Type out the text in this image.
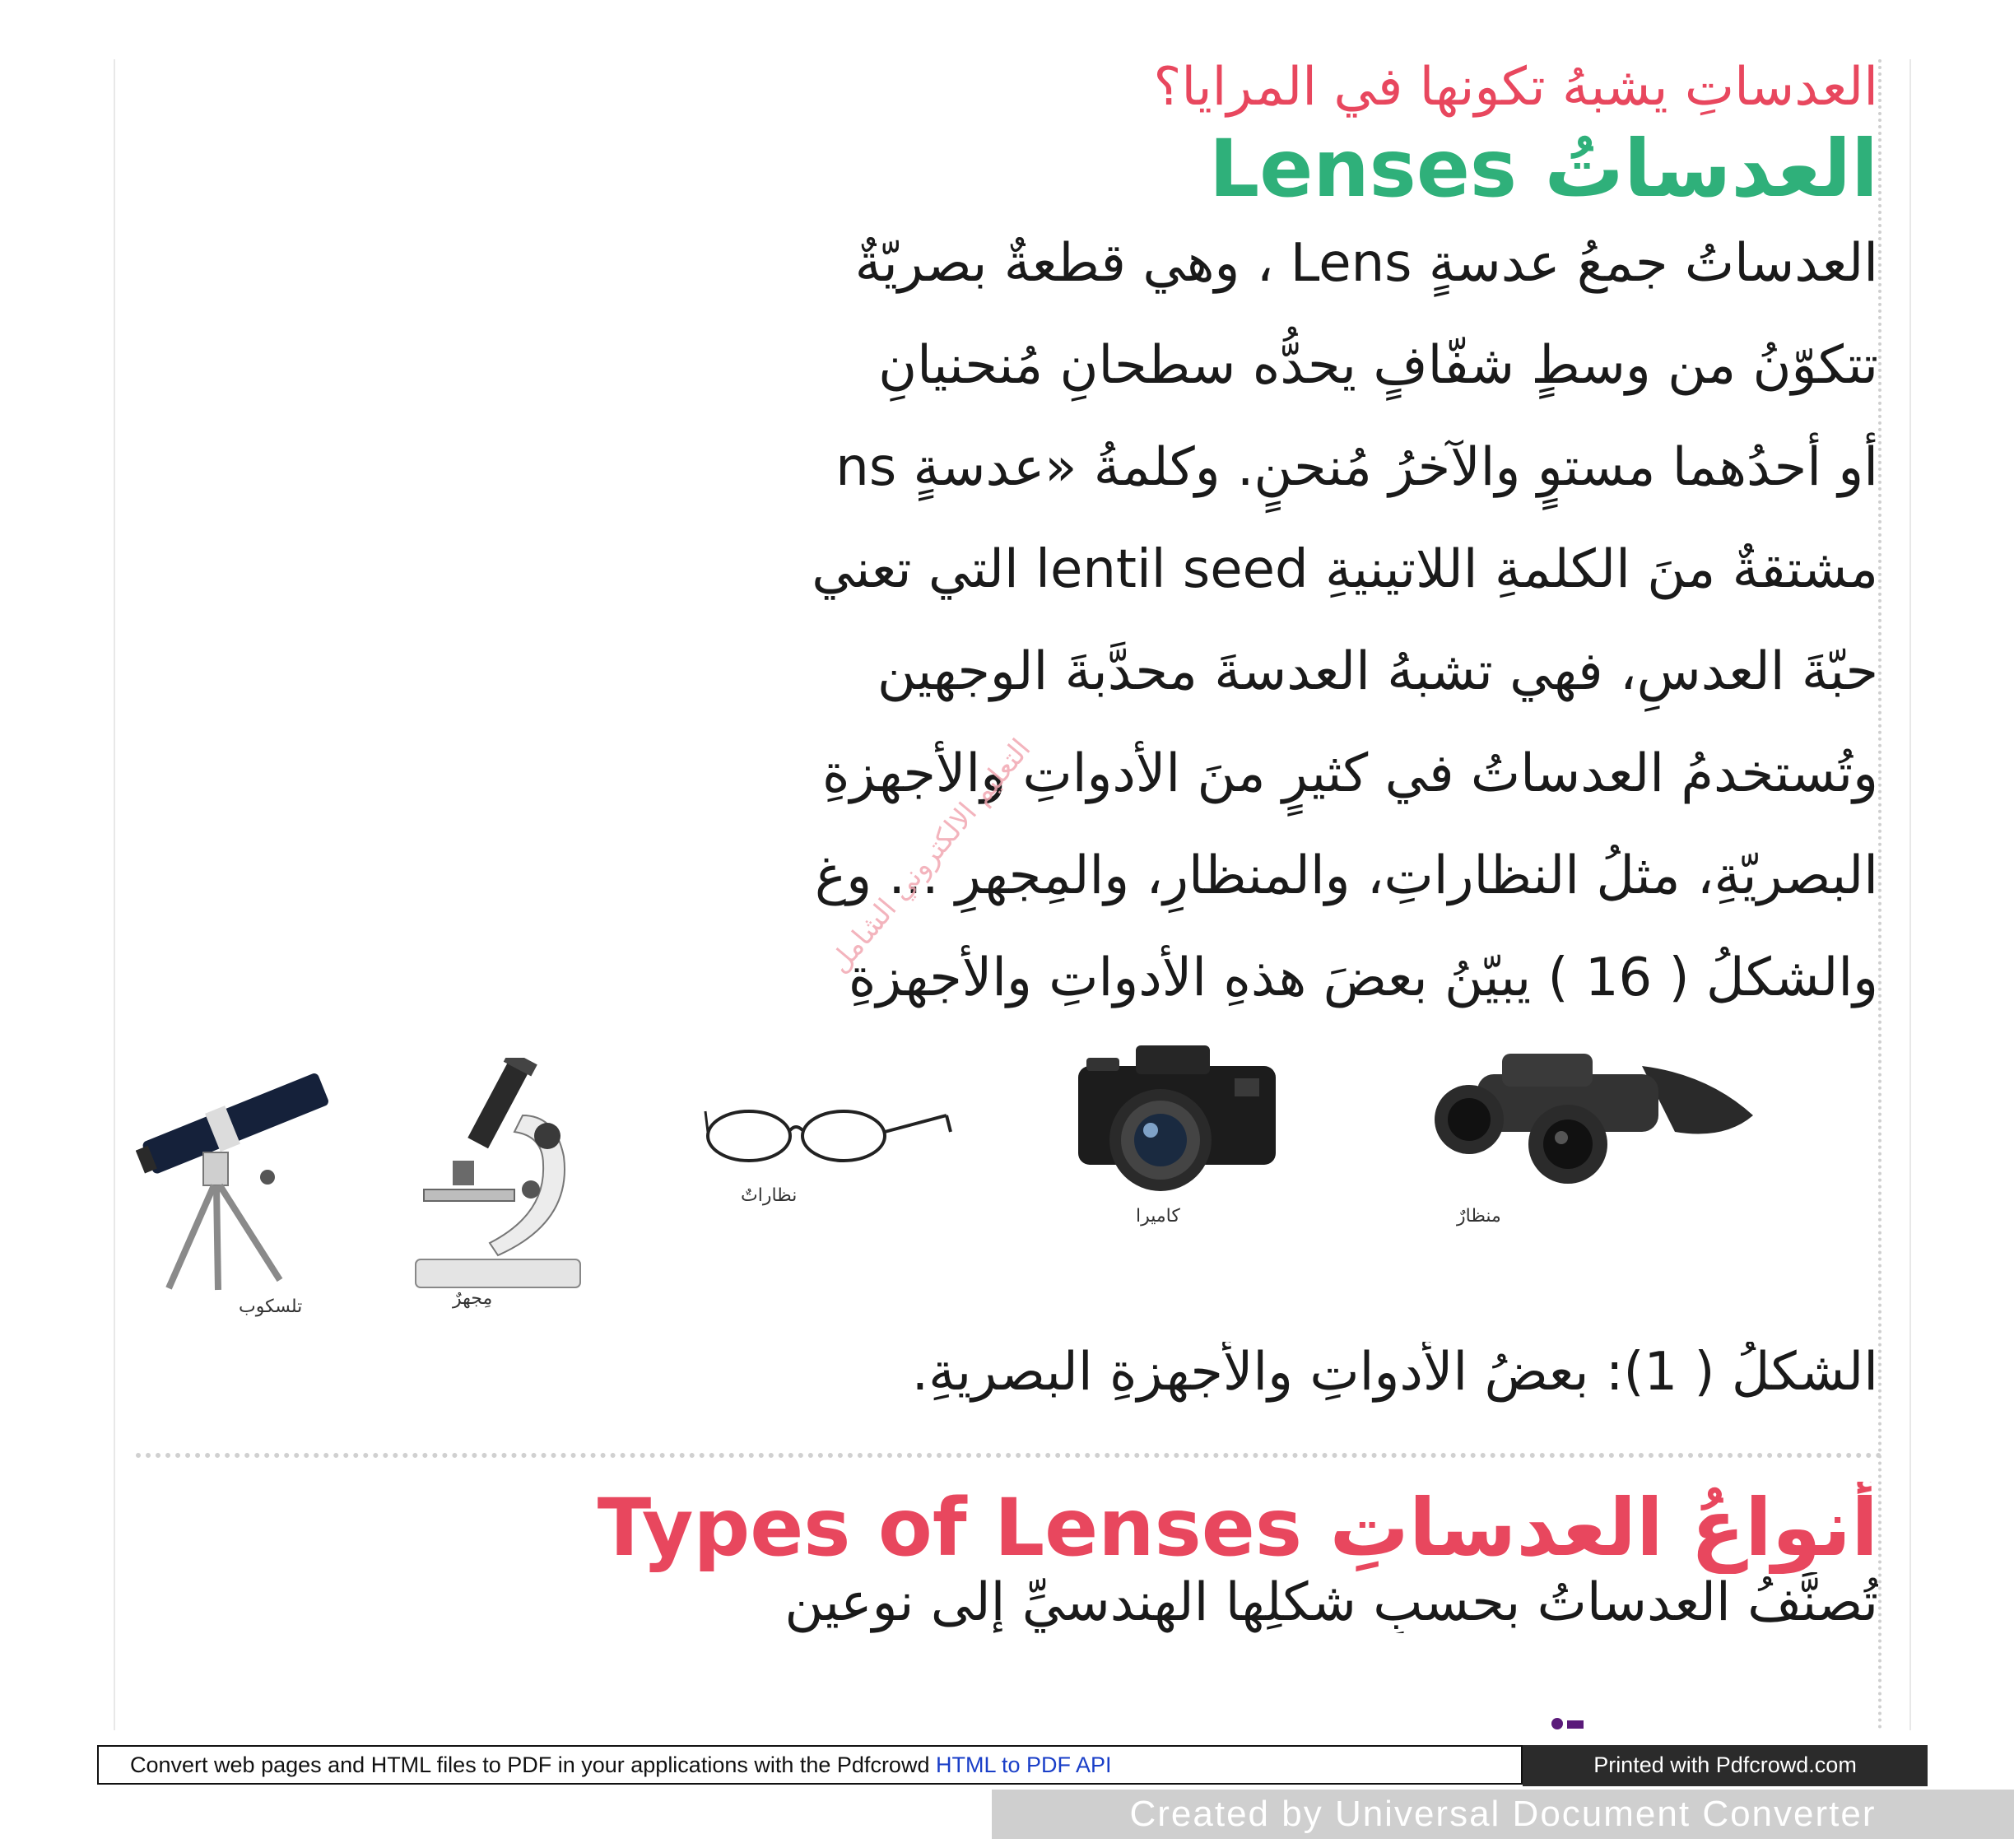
العدساتِ يشبهُ تكونها في المرايا؟
العدساتُ Lenses
العدساتُ جمعُ عدسةٍ Lens ، وهي قطعةٌ بصريّةٌ
تتكوّنُ من وسطٍ شفّافٍ يحدُّه سطحانِ مُنحنيانِ
أو أحدُهما مستوٍ والآخرُ مُنحنٍ. وكلمةُ «عدسةٍ ns
مشتقةٌ منَ الكلمةِ اللاتينيةِ lentil seed التي تعني
حبّةَ العدسِ، فهي تشبهُ العدسةَ محدَّبةَ الوجهين
وتُستخدمُ العدساتُ في كثيرٍ منَ الأدواتِ والأجهزةِ
البصريّةِ، مثلُ النظاراتِ، والمنظارِ، والمِجهرِ ... وغ
والشكلُ ( 16 ) يبيّنُ بعضَ هذهِ الأدواتِ والأجهزةِ
التعليم الالكتروني الشامل
تلسكوب	مِجهرٌ
نظاراتٌ
كاميرا	منظارٌ
الشكلُ ( 1): بعضُ الأدواتِ والأجهزةِ البصريةِ.
أنواعُ العدساتِ Types of Lenses
تُصنَّفُ العدساتُ بحسبِ شكلِها الهندسيِّ إلى نوعين
Convert web pages and HTML files to PDF in your applications with the Pdfcrowd HTML to PDF API	Printed with Pdfcrowd.com
Created by Universal Document Converter
